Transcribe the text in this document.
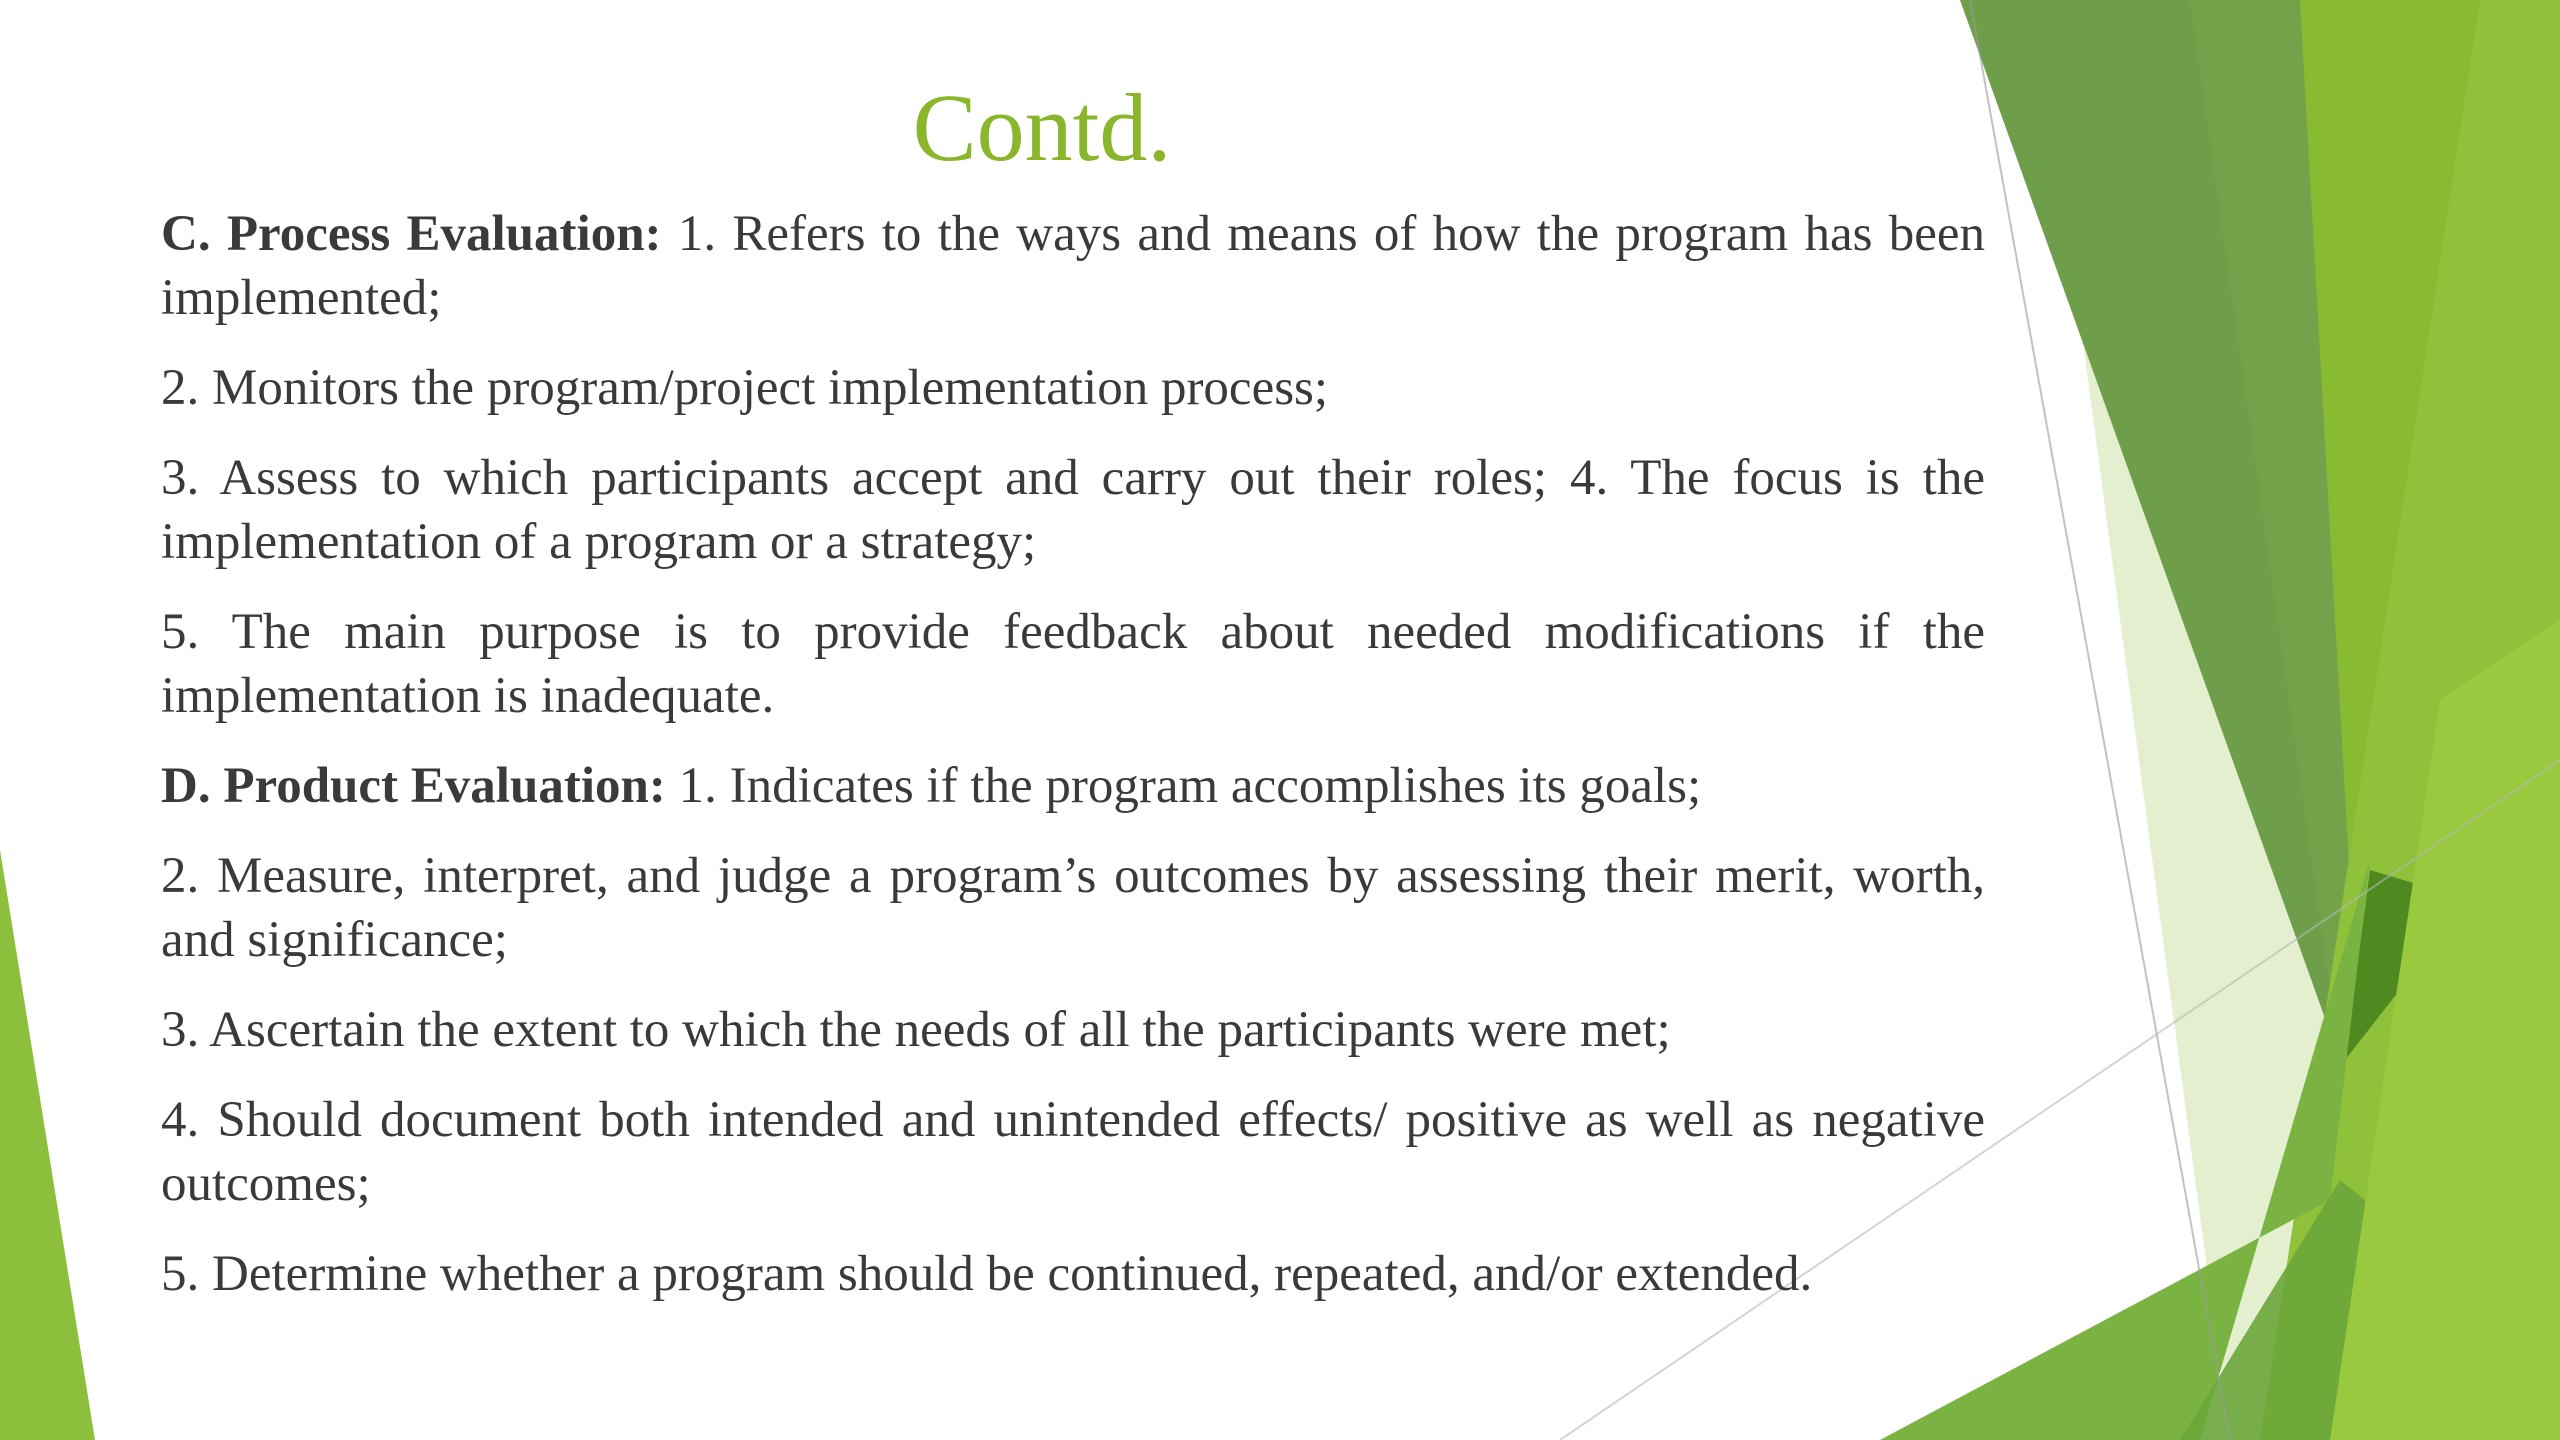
Contd.

C. Process Evaluation: 1. Refers to the ways and means of how the program has been implemented;

2. Monitors the program/project implementation process;

3. Assess to which participants accept and carry out their roles; 4. The focus is the implementation of a program or a strategy;

5. The main purpose is to provide feedback about needed modifications if the implementation is inadequate.

D. Product Evaluation: 1. Indicates if the program accomplishes its goals;

2. Measure, interpret, and judge a program’s outcomes by assessing their merit, worth, and significance;

3. Ascertain the extent to which the needs of all the participants were met;

4. Should document both intended and unintended effects/ positive as well as negative outcomes;

5. Determine whether a program should be continued, repeated, and/or extended.
